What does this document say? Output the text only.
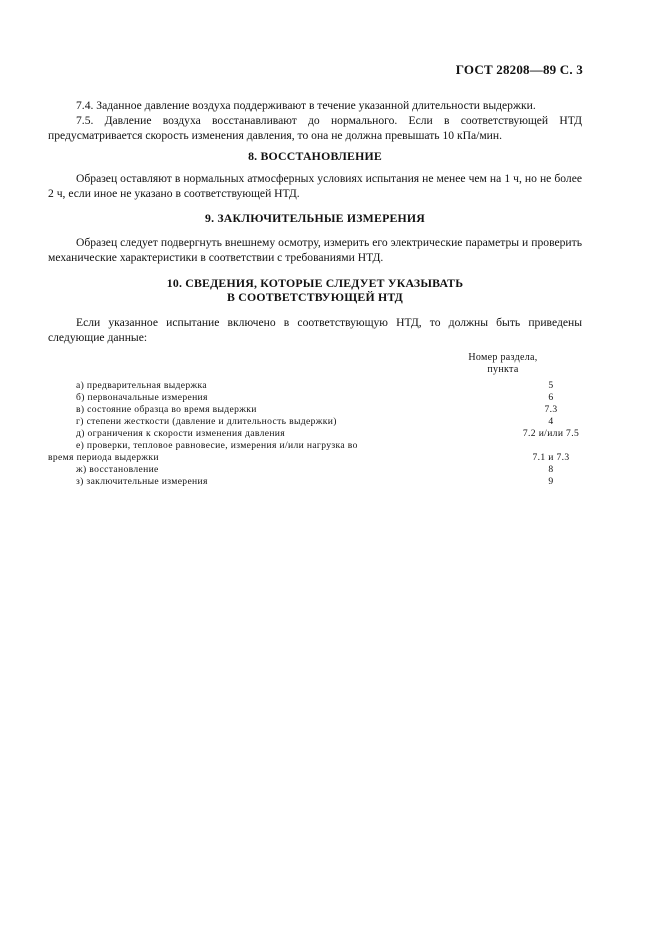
ГОСТ 28208—89 С. 3

7.4. Заданное давление воздуха поддерживают в течение указанной длительности выдержки.

7.5. Давление воздуха восстанавливают до нормального. Если в соответствующей НТД предусматривается скорость изменения давления, то она не должна превышать 10 кПа/мин.

8. ВОССТАНОВЛЕНИЕ

Образец оставляют в нормальных атмосферных условиях испытания не менее чем на 1 ч, но не более 2 ч, если иное не указано в соответствующей НТД.

9. ЗАКЛЮЧИТЕЛЬНЫЕ ИЗМЕРЕНИЯ

Образец следует подвергнуть внешнему осмотру, измерить его электрические параметры и проверить механические характеристики в соответствии с требованиями НТД.

10. СВЕДЕНИЯ, КОТОРЫЕ СЛЕДУЕТ УКАЗЫВАТЬ
В СООТВЕТСТВУЮЩЕЙ НТД

Если указанное испытание включено в соответствующую НТД, то должны быть приведены следующие данные:

Номер раздела,
пункта
а) предварительная выдержка	5
б) первоначальные измерения	6
в) состояние образца во время выдержки	7.3
г) степени жесткости (давление и длительность выдержки)	4
д) ограничения к скорости изменения давления	7.2 и/или 7.5
е) проверки, тепловое равновесие, измерения и/или нагрузка во
время периода выдержки	7.1 и 7.3
ж) восстановление	8
з) заключительные измерения	9
